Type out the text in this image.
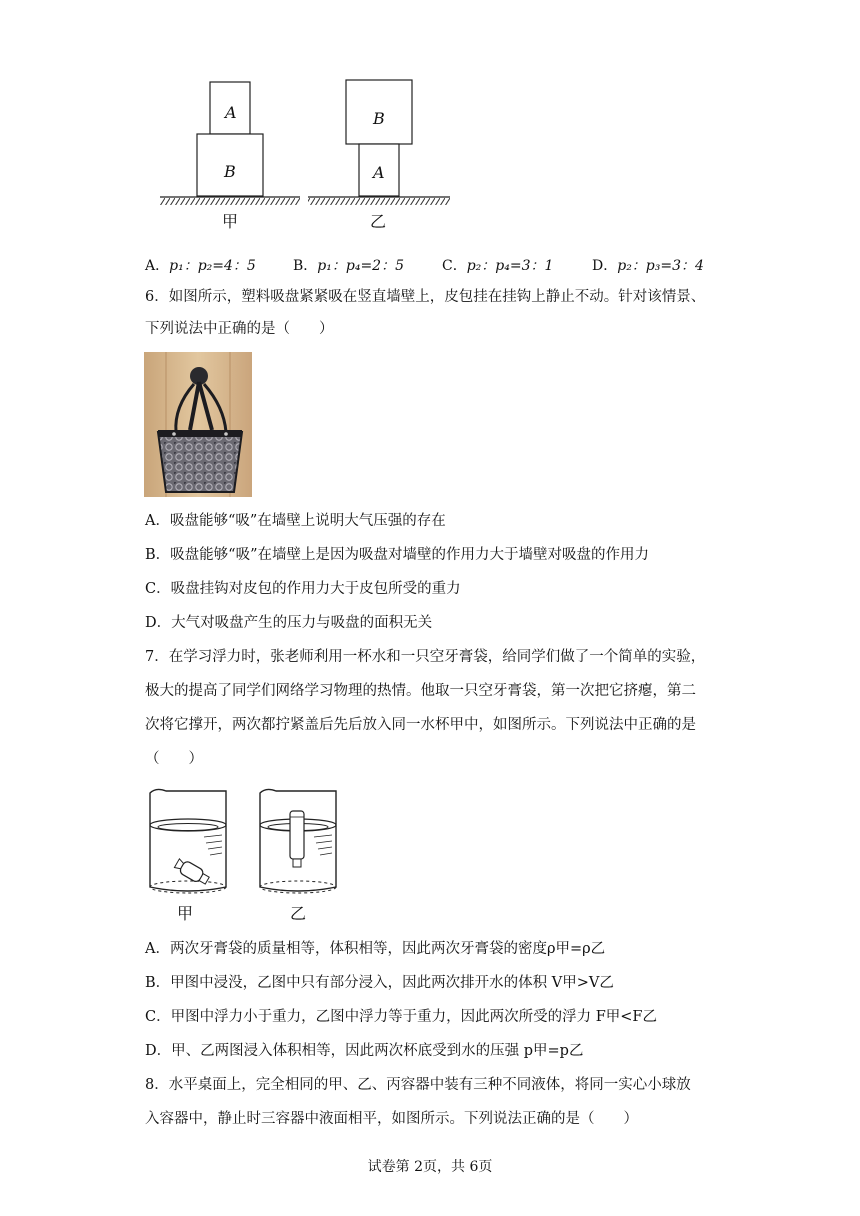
A
B
B
A
甲	乙
A．p₁：p₂=4：5	B．p₁：p₄=2：5	C．p₂：p₄=3：1	D．p₂：p₃=3：4
6．如图所示，塑料吸盘紧紧吸在竖直墙壁上，皮包挂在挂钩上静止不动。针对该情景、
下列说法中正确的是（　　）
A．吸盘能够“吸”在墙壁上说明大气压强的存在
B．吸盘能够“吸”在墙壁上是因为吸盘对墙壁的作用力大于墙壁对吸盘的作用力
C．吸盘挂钩对皮包的作用力大于皮包所受的重力
D．大气对吸盘产生的压力与吸盘的面积无关
7．在学习浮力时，张老师利用一杯水和一只空牙膏袋，给同学们做了一个简单的实验，
极大的提高了同学们网络学习物理的热情。他取一只空牙膏袋，第一次把它挤瘪，第二
次将它撑开，两次都拧紧盖后先后放入同一水杯甲中，如图所示。下列说法中正确的是
（　　）
甲	乙
A．两次牙膏袋的质量相等，体积相等，因此两次牙膏袋的密度ρ甲=ρ乙
B．甲图中浸没，乙图中只有部分浸入，因此两次排开水的体积 V甲>V乙
C．甲图中浮力小于重力，乙图中浮力等于重力，因此两次所受的浮力 F甲<F乙
D．甲、乙两图浸入体积相等，因此两次杯底受到水的压强 p甲=p乙
8．水平桌面上，完全相同的甲、乙、丙容器中装有三种不同液体，将同一实心小球放
入容器中，静止时三容器中液面相平，如图所示。下列说法正确的是（　　）
试卷第 2页，共 6页
